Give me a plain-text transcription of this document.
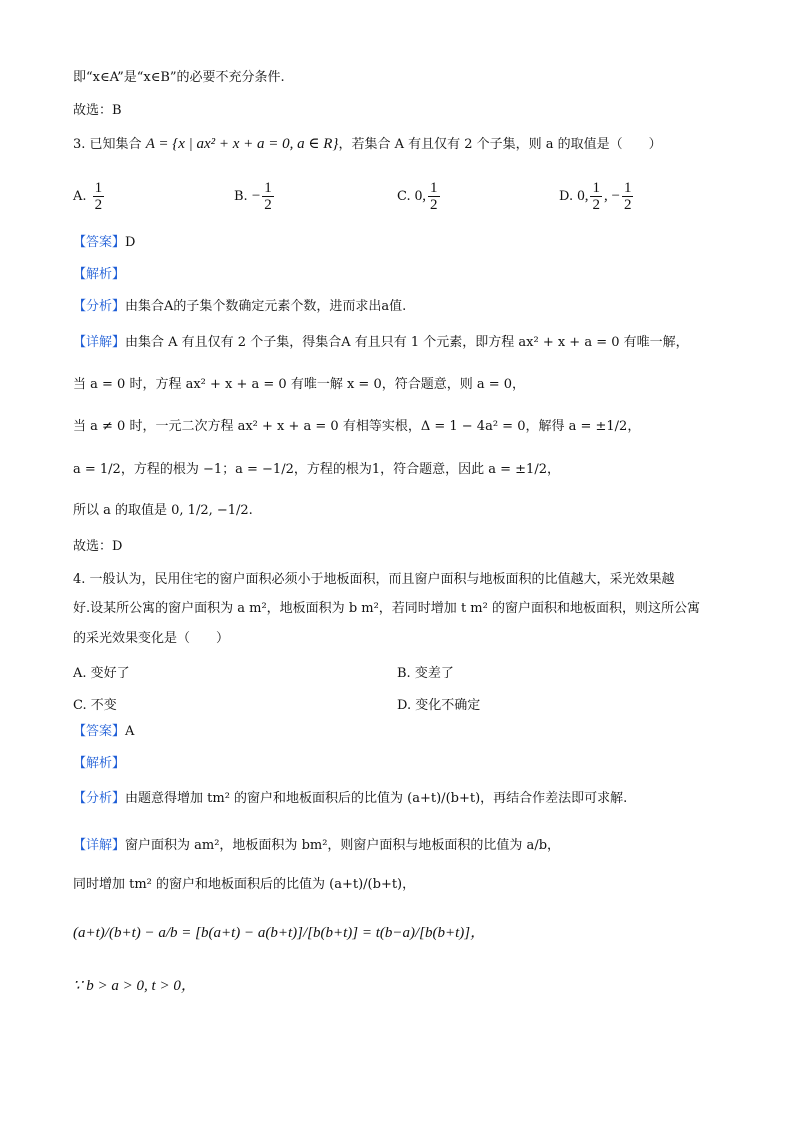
即“x∈A”是“x∈B”的必要不充分条件.
故选：B
3. 已知集合 A = {x | ax² + x + a = 0, a ∈ R}，若集合 A 有且仅有 2 个子集，则 a 的取值是（　　）
A. $\frac{1}{2}$	B. − $\frac{1}{2}$	C. 0, $\frac{1}{2}$	D. 0, $\frac{1}{2}$ , − $\frac{1}{2}$
【答案】D
【解析】
【分析】由集合A的子集个数确定元素个数，进而求出a值.
【详解】由集合 A 有且仅有 2 个子集，得集合A 有且只有 1 个元素，即方程 ax² + x + a = 0 有唯一解，
当 a = 0 时，方程 ax² + x + a = 0 有唯一解 x = 0，符合题意，则 a = 0，
当 a ≠ 0 时，一元二次方程 ax² + x + a = 0 有相等实根，Δ = 1 − 4a² = 0，解得 a = ±1/2，
a = 1/2，方程的根为 −1；a = −1/2，方程的根为1，符合题意，因此 a = ±1/2，
所以 a 的取值是 0, 1/2, −1/2.
故选：D
4. 一般认为，民用住宅的窗户面积必须小于地板面积，而且窗户面积与地板面积的比值越大，采光效果越
好.设某所公寓的窗户面积为 a m²，地板面积为 b m²，若同时增加 t m² 的窗户面积和地板面积，则这所公寓
的采光效果变化是（　　）
A. 变好了	B. 变差了
C. 不变	D. 变化不确定
【答案】A
【解析】
【分析】由题意得增加 tm² 的窗户和地板面积后的比值为 (a+t)/(b+t)，再结合作差法即可求解.
【详解】窗户面积为 am²，地板面积为 bm²，则窗户面积与地板面积的比值为 a/b，
同时增加 tm² 的窗户和地板面积后的比值为 (a+t)/(b+t)，
(a+t)/(b+t) − a/b = [b(a+t) − a(b+t)]/[b(b+t)] = t(b−a)/[b(b+t)]，
∵ b > a > 0, t > 0，
